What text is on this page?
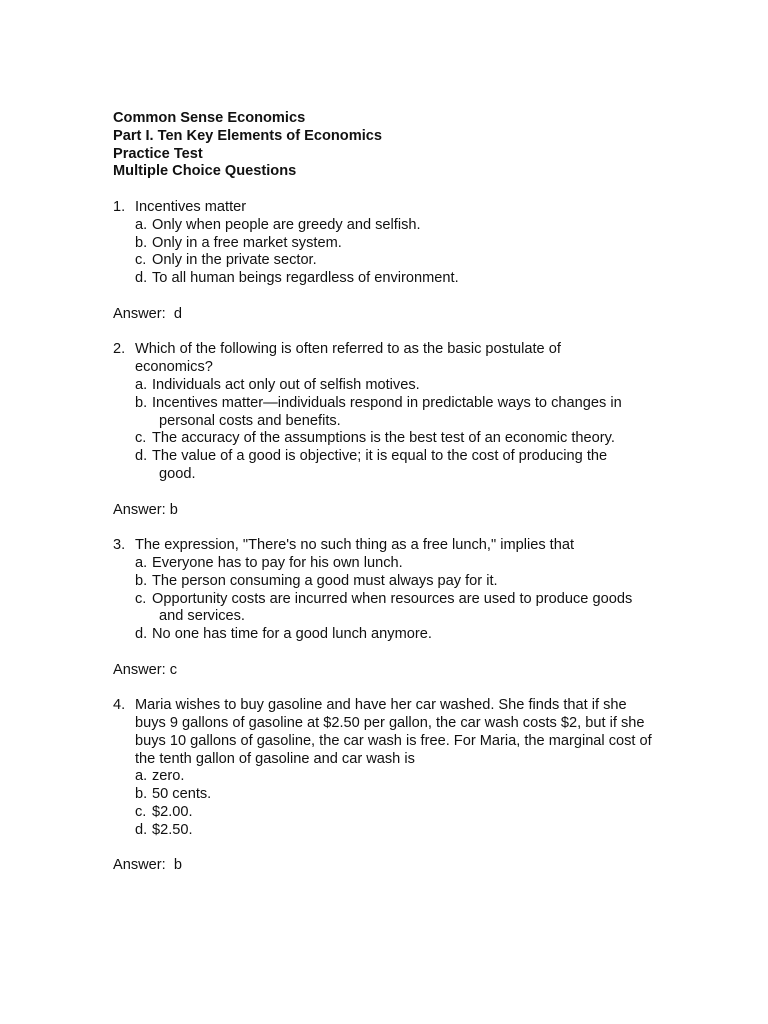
Common Sense Economics
Part I. Ten Key Elements of Economics
Practice Test
Multiple Choice Questions
1. Incentives matter
a. Only when people are greedy and selfish.
b. Only in a free market system.
c. Only in the private sector.
d. To all human beings regardless of environment.
Answer:  d
2. Which of the following is often referred to as the basic postulate of economics?
a. Individuals act only out of selfish motives.
b. Incentives matter—individuals respond in predictable ways to changes in personal costs and benefits.
c. The accuracy of the assumptions is the best test of an economic theory.
d. The value of a good is objective; it is equal to the cost of producing the good.
Answer: b
3. The expression, "There's no such thing as a free lunch," implies that
a. Everyone has to pay for his own lunch.
b. The person consuming a good must always pay for it.
c. Opportunity costs are incurred when resources are used to produce goods and services.
d. No one has time for a good lunch anymore.
Answer: c
4. Maria wishes to buy gasoline and have her car washed. She finds that if she buys 9 gallons of gasoline at $2.50 per gallon, the car wash costs $2, but if she buys 10 gallons of gasoline, the car wash is free. For Maria, the marginal cost of the tenth gallon of gasoline and car wash is
a. zero.
b. 50 cents.
c. $2.00.
d. $2.50.
Answer:  b
